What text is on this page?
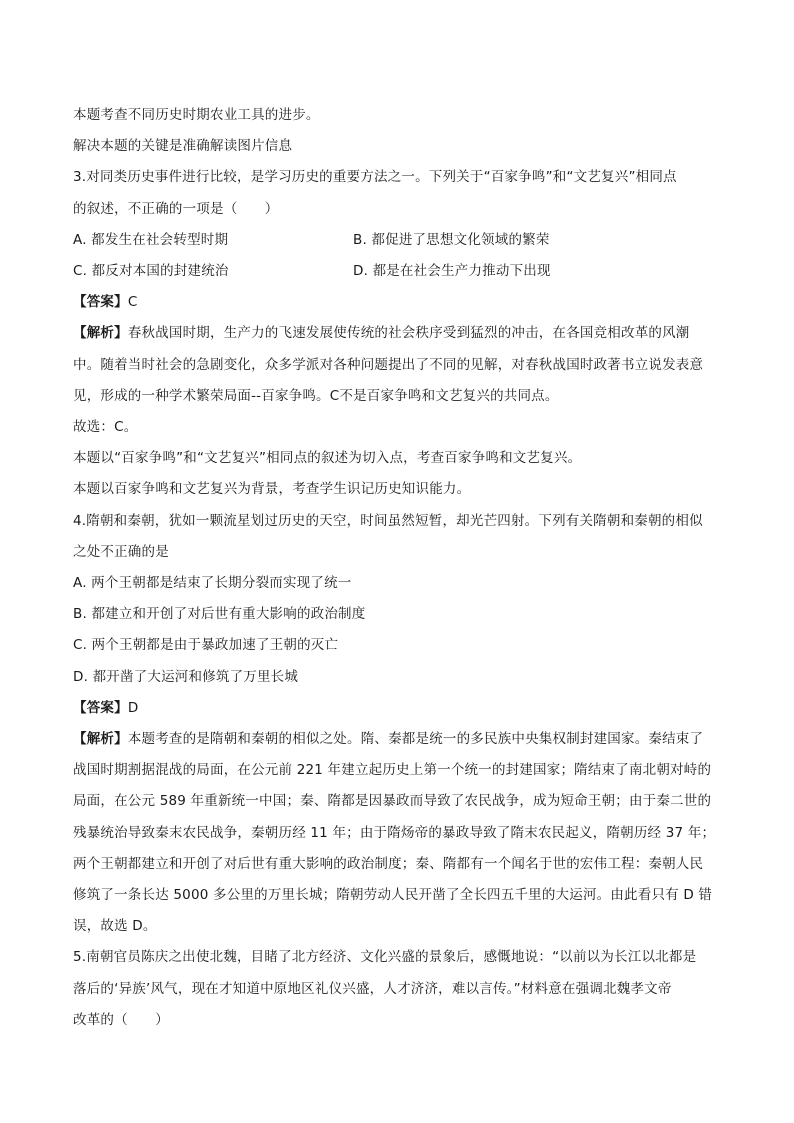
本题考查不同历史时期农业工具的进步。
解决本题的关键是准确解读图片信息
3.对同类历史事件进行比较，是学习历史的重要方法之一。下列关于“百家争鸣”和“文艺复兴”相同点
的叙述，不正确的一项是（　　）
A. 都发生在社会转型时期	B. 都促进了思想文化领域的繁荣
C. 都反对本国的封建统治	D. 都是在社会生产力推动下出现
【答案】C
【解析】春秋战国时期，生产力的飞速发展使传统的社会秩序受到猛烈的冲击，在各国竞相改革的风潮
中。随着当时社会的急剧变化，众多学派对各种问题提出了不同的见解，对春秋战国时政著书立说发表意
见，形成的一种学术繁荣局面--百家争鸣。C不是百家争鸣和文艺复兴的共同点。
故选：C。
本题以“百家争鸣”和“文艺复兴”相同点的叙述为切入点，考查百家争鸣和文艺复兴。
本题以百家争鸣和文艺复兴为背景，考查学生识记历史知识能力。
4.隋朝和秦朝，犹如一颗流星划过历史的天空，时间虽然短暂，却光芒四射。下列有关隋朝和秦朝的相似
之处不正确的是
A. 两个王朝都是结束了长期分裂而实现了统一
B. 都建立和开创了对后世有重大影响的政治制度
C. 两个王朝都是由于暴政加速了王朝的灭亡
D. 都开凿了大运河和修筑了万里长城
【答案】D
【解析】本题考查的是隋朝和秦朝的相似之处。隋、秦都是统一的多民族中央集权制封建国家。秦结束了
战国时期割据混战的局面，在公元前 221 年建立起历史上第一个统一的封建国家；隋结束了南北朝对峙的
局面，在公元 589 年重新统一中国；秦、隋都是因暴政而导致了农民战争，成为短命王朝；由于秦二世的
残暴统治导致秦末农民战争，秦朝历经 11 年；由于隋炀帝的暴政导致了隋末农民起义，隋朝历经 37 年；
两个王朝都建立和开创了对后世有重大影响的政治制度；秦、隋都有一个闻名于世的宏伟工程：秦朝人民
修筑了一条长达 5000 多公里的万里长城；隋朝劳动人民开凿了全长四五千里的大运河。由此看只有 D 错
误，故选 D。
5.南朝官员陈庆之出使北魏，目睹了北方经济、文化兴盛的景象后，感慨地说：“以前以为长江以北都是
落后的‘异族’风气，现在才知道中原地区礼仪兴盛，人才济济，难以言传。”材料意在强调北魏孝文帝
改革的（　　）
